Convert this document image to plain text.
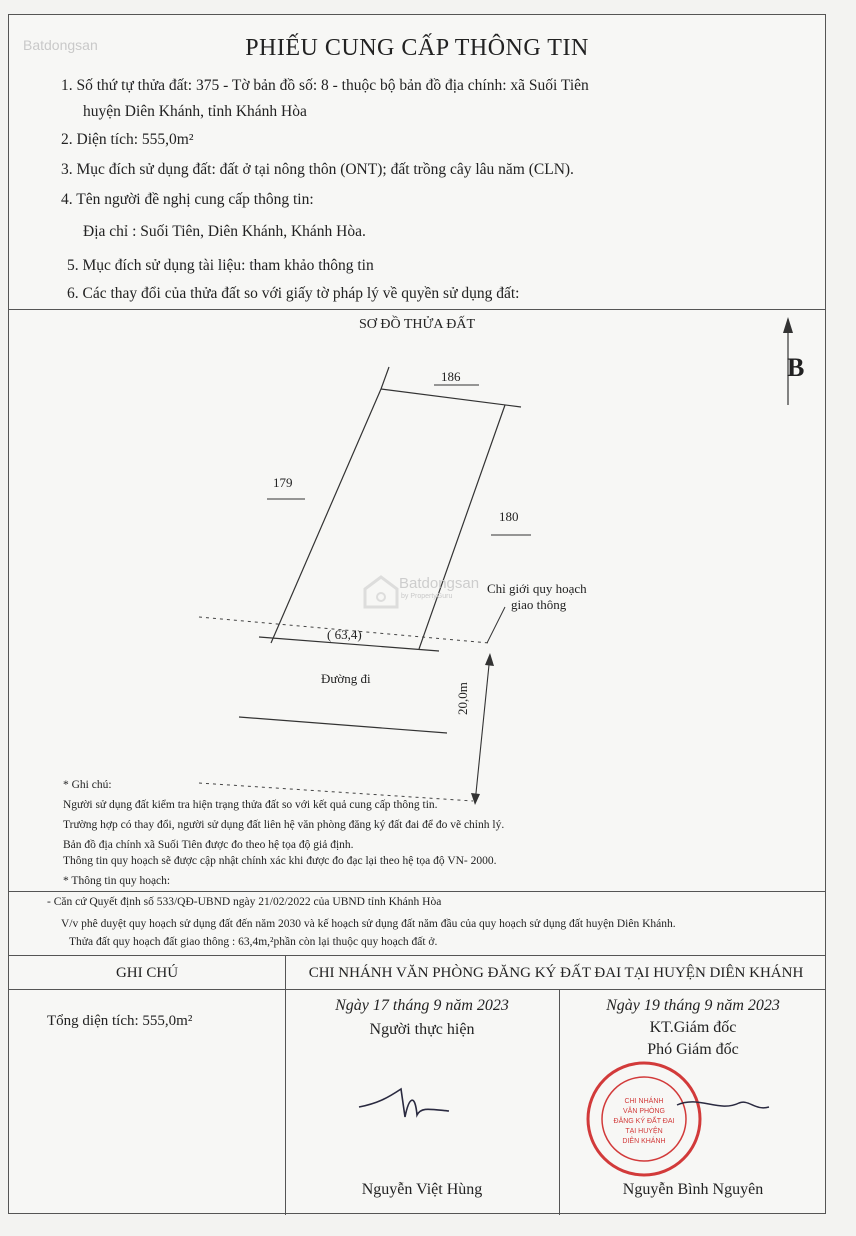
Batdongsan	PHIẾU CUNG CẤP THÔNG TIN
1. Số thứ tự thửa đất: 375 - Tờ bản đồ số: 8 - thuộc bộ bản đồ địa chính: xã Suối Tiên
huyện Diên Khánh, tỉnh Khánh Hòa
2. Diện tích: 555,0m²
3. Mục đích sử dụng đất: đất ở tại nông thôn (ONT); đất trồng cây lâu năm (CLN).
4. Tên người đề nghị cung cấp thông tin:
Địa chỉ : Suối Tiên, Diên Khánh, Khánh Hòa.
5. Mục đích sử dụng tài liệu: tham khảo thông tin
6. Các thay đổi của thửa đất so với giấy tờ pháp lý về quyền sử dụng đất:
SƠ ĐỒ THỬA ĐẤT
B
186
179
180
Batdongsan
by PropertyGuru
Chỉ giới quy hoạch
giao thông
( 63,4)
Đường đi
20,0m
* Ghi chú:
Người sử dụng đất kiểm tra hiện trạng thửa đất so với kết quả cung cấp thông tin.
Trường hợp có thay đổi, người sử dụng đất liên hệ văn phòng đăng ký đất đai để đo vẽ chỉnh lý.
Bản đồ địa chính xã Suối Tiên được đo theo hệ tọa độ giả định.
Thông tin quy hoạch sẽ được cập nhật chính xác khi được đo đạc lại theo hệ tọa độ VN- 2000.
* Thông tin quy hoạch:
- Căn cứ Quyết định số 533/QĐ-UBND ngày 21/02/2022 của UBND tỉnh Khánh Hòa
V/v phê duyệt quy hoạch sử dụng đất đến năm 2030 và kế hoạch sử dụng đất năm đầu của quy hoạch sử dụng đất huyện Diên Khánh.
Thửa đất quy hoạch đất giao thông : 63,4m,²phần còn lại thuộc quy hoạch đất ở.
GHI CHÚ	CHI NHÁNH VĂN PHÒNG ĐĂNG KÝ ĐẤT ĐAI TẠI HUYỆN DIÊN KHÁNH
Tổng diện tích: 555,0m²
Ngày 17 tháng 9 năm 2023
Người thực hiện
Nguyễn Việt Hùng
Ngày 19 tháng 9 năm 2023
KT.Giám đốc
Phó Giám đốc
Nguyễn Bình Nguyên
CHI NHÁNH
VĂN PHÒNG
ĐĂNG KÝ ĐẤT ĐAI
TẠI HUYỆN
DIÊN KHÁNH
